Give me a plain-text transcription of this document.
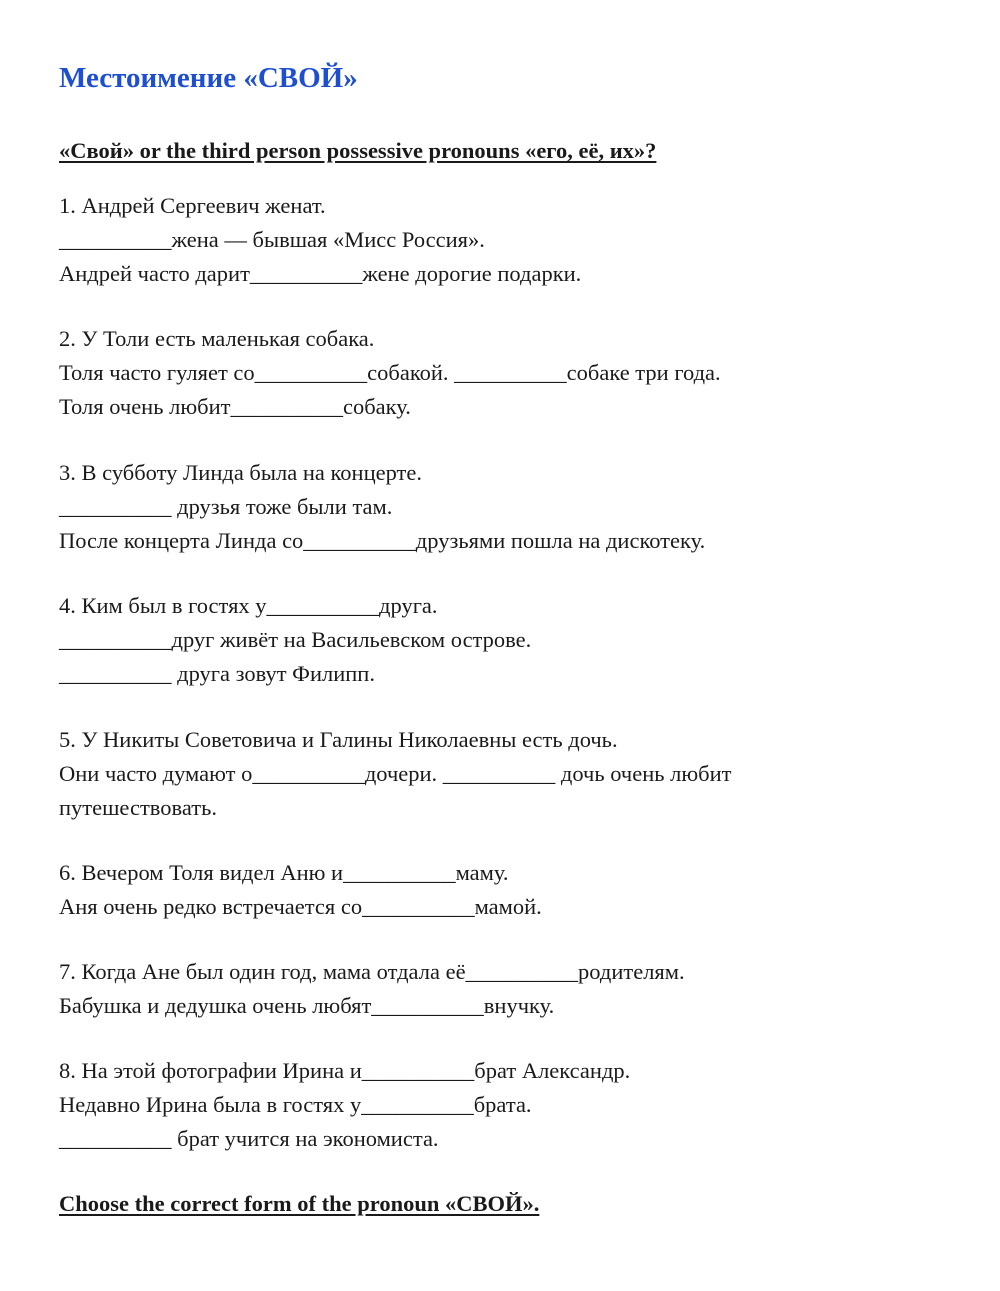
Местоимение «СВОЙ»
«Свой» or the third person possessive pronouns «его, её, их»?
1. Андрей Сергеевич женат.
__________жена — бывшая «Мисс Россия».
Андрей часто дарит__________жене дорогие подарки.
2. У Толи есть маленькая собака.
Толя часто гуляет со__________собакой. __________собаке три года.
Толя очень любит__________собаку.
3. В субботу Линда была на концерте.
__________ друзья тоже были там.
После концерта Линда со__________друзьями пошла на дискотеку.
4. Ким был в гостях у__________друга.
__________друг живёт на Васильевском острове.
__________ друга зовут Филипп.
5. У Никиты Советовича и Галины Николаевны есть дочь.
Они часто думают о__________дочери. __________ дочь очень любит
путешествовать.
6. Вечером Толя видел Аню и__________маму.
Аня очень редко встречается со__________мамой.
7. Когда Ане был один год, мама отдала её__________родителям.
Бабушка и дедушка очень любят__________внучку.
8. На этой фотографии Ирина и__________брат Александр.
Недавно Ирина была в гостях у__________брата.
__________ брат учится на экономиста.
Choose the correct form of the pronoun «СВОЙ».
